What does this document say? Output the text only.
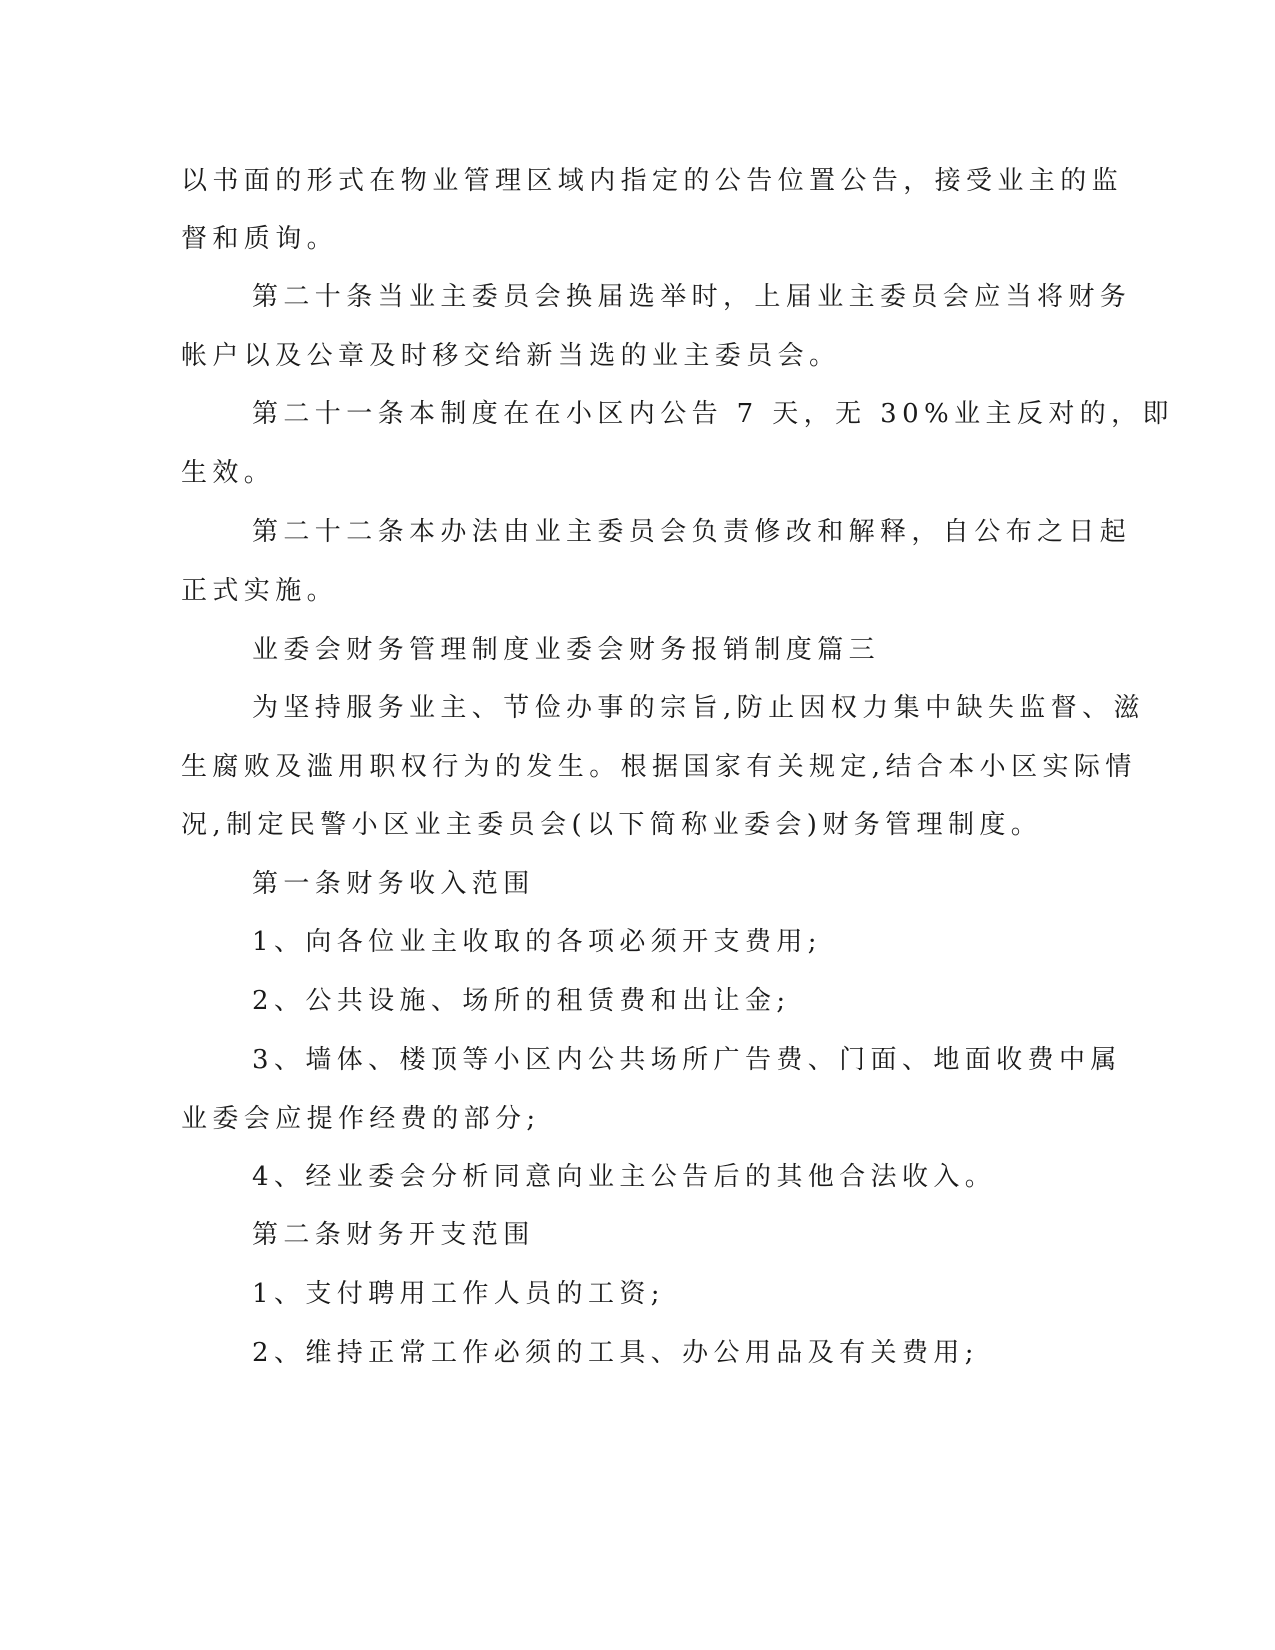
以书面的形式在物业管理区域内指定的公告位置公告，接受业主的监
督和质询。
第二十条当业主委员会换届选举时，上届业主委员会应当将财务
帐户以及公章及时移交给新当选的业主委员会。
第二十一条本制度在在小区内公告 7 天，无 30%业主反对的，即
生效。
第二十二条本办法由业主委员会负责修改和解释，自公布之日起
正式实施。
业委会财务管理制度业委会财务报销制度篇三
为坚持服务业主、节俭办事的宗旨,防止因权力集中缺失监督、滋
生腐败及滥用职权行为的发生。根据国家有关规定,结合本小区实际情
况,制定民警小区业主委员会(以下简称业委会)财务管理制度。
第一条财务收入范围
1、向各位业主收取的各项必须开支费用;
2、公共设施、场所的租赁费和出让金;
3、墙体、楼顶等小区内公共场所广告费、门面、地面收费中属
业委会应提作经费的部分;
4、经业委会分析同意向业主公告后的其他合法收入。
第二条财务开支范围
1、支付聘用工作人员的工资;
2、维持正常工作必须的工具、办公用品及有关费用;
